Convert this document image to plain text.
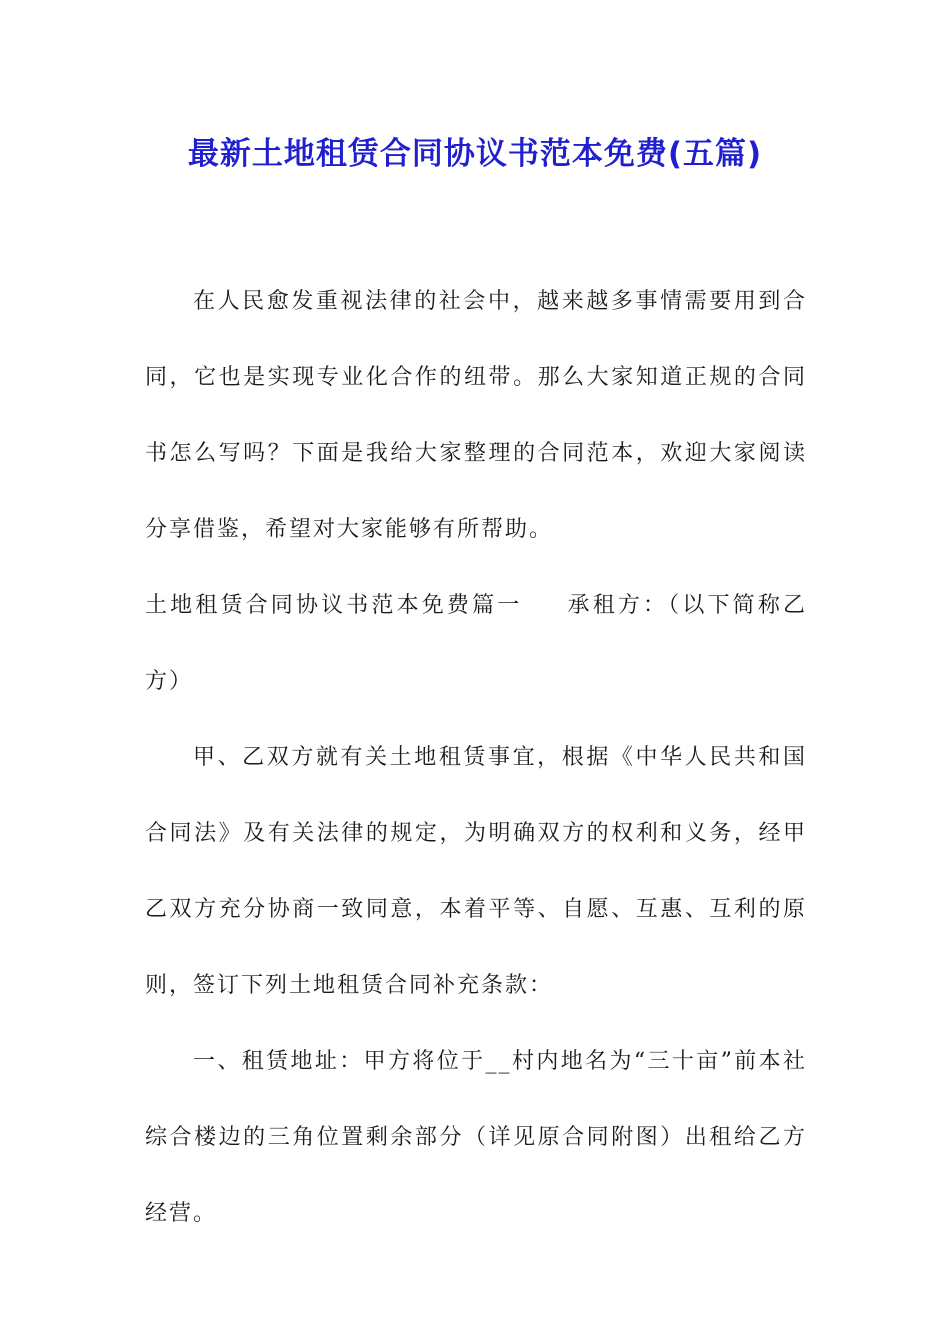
最新土地租赁合同协议书范本免费(五篇)

在人民愈发重视法律的社会中，越来越多事情需要用到合同，它也是实现专业化合作的纽带。那么大家知道正规的合同书怎么写吗？下面是我给大家整理的合同范本，欢迎大家阅读分享借鉴，希望对大家能够有所帮助。

土地租赁合同协议书范本免费篇一 承租方：（以下简称乙方）

甲、乙双方就有关土地租赁事宜，根据《中华人民共和国合同法》及有关法律的规定，为明确双方的权利和义务，经甲乙双方充分协商一致同意，本着平等、自愿、互惠、互利的原则，签订下列土地租赁合同补充条款：

一、租赁地址：甲方将位于__村内地名为“三十亩”前本社综合楼边的三角位置剩余部分（详见原合同附图）出租给乙方经营。
